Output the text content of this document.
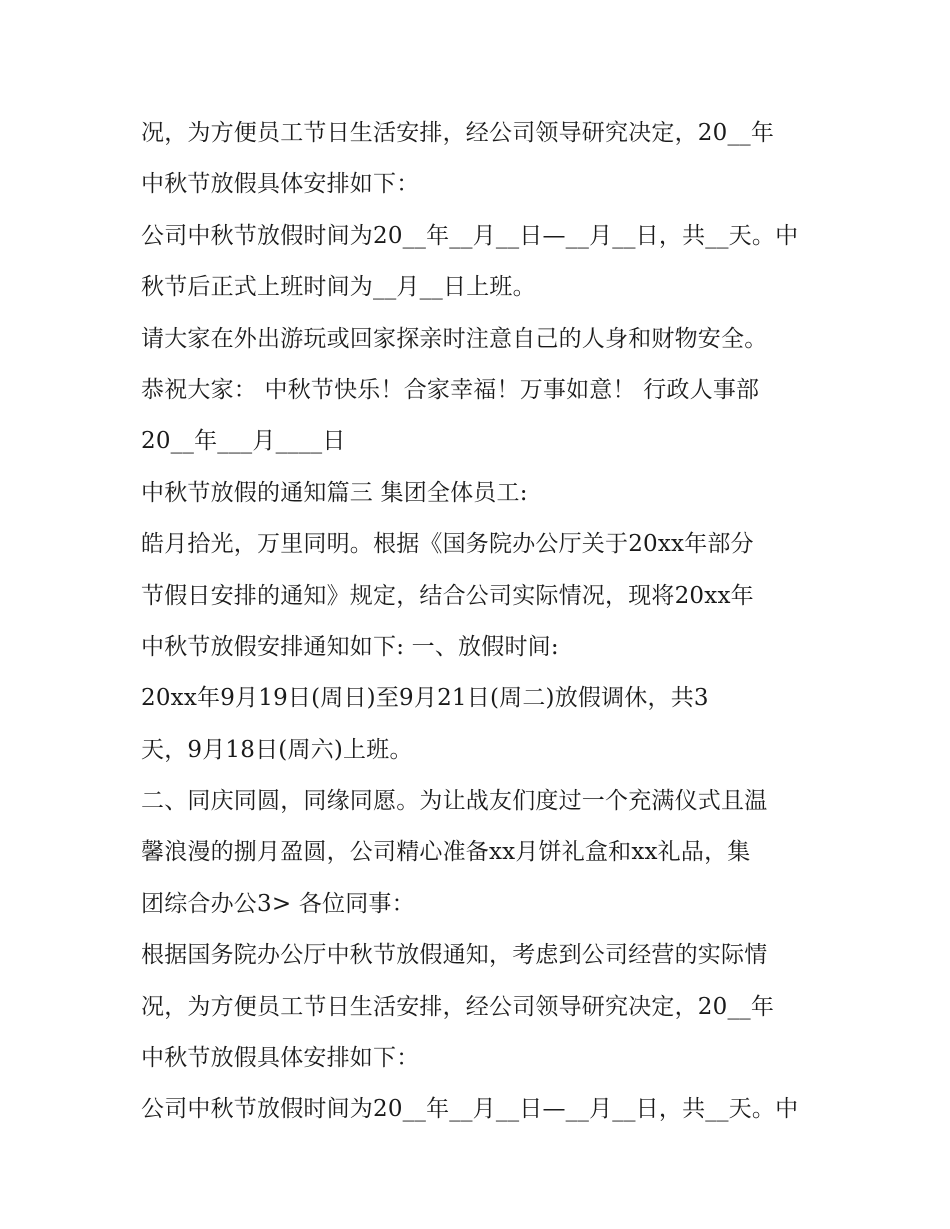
况，为方便员工节日生活安排，经公司领导研究决定，20__年
中秋节放假具体安排如下：
公司中秋节放假时间为20__年__月__日—__月__日，共__天。中
秋节后正式上班时间为__月__日上班。
请大家在外出游玩或回家探亲时注意自己的人身和财物安全。
恭祝大家： 中秋节快乐！合家幸福！万事如意！ 行政人事部
20__年___月____日
中秋节放假的通知篇三 集团全体员工:
皓月拾光，万里同明。根据《国务院办公厅关于20xx年部分
节假日安排的通知》规定，结合公司实际情况，现将20xx年
中秋节放假安排通知如下: 一、放假时间:
20xx年9月19日(周日)至9月21日(周二)放假调休，共3
天，9月18日(周六)上班。
二、同庆同圆，同缘同愿。为让战友们度过一个充满仪式且温
馨浪漫的捌月盈圆，公司精心准备xx月饼礼盒和xx礼品，集
团综合办公3> 各位同事：
根据国务院办公厅中秋节放假通知，考虑到公司经营的实际情
况，为方便员工节日生活安排，经公司领导研究决定，20__年
中秋节放假具体安排如下：
公司中秋节放假时间为20__年__月__日—__月__日，共__天。中
